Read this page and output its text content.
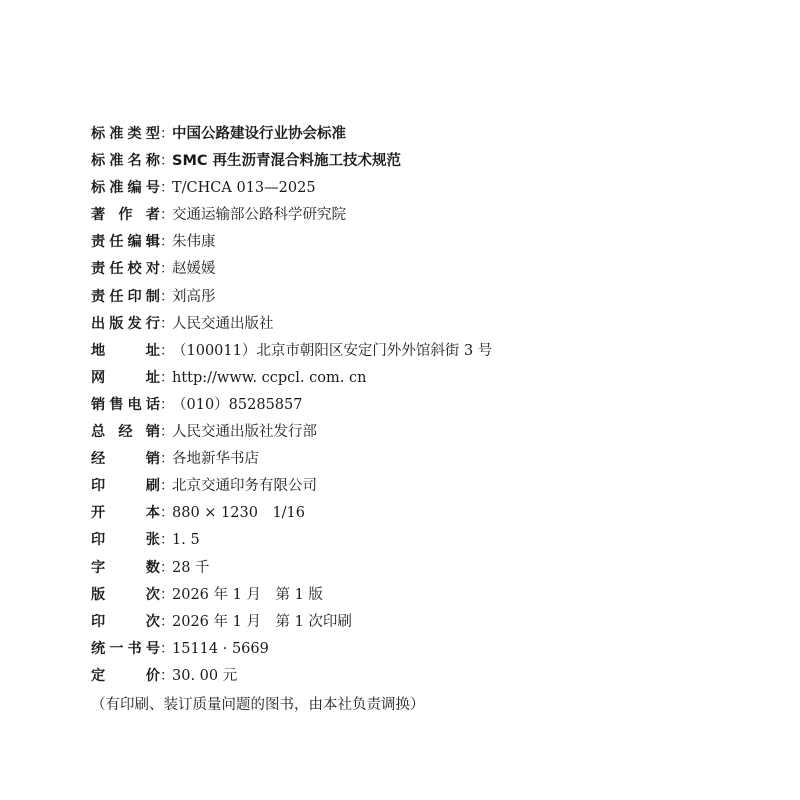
标准类型 ：
中国公路建设行业协会标准
标准名称 ：
SMC 再生沥青混合料施工技术规范
标准编号 ：
T/CHCA 013—2025
著 作 者 ：
交通运输部公路科学研究院
责任编辑 ：
朱伟康
责任校对 ：
赵媛媛
责任印制 ：
刘高彤
出版发行 ：
人民交通出版社
地 址 ：
（100011）北京市朝阳区安定门外外馆斜街 3 号
网 址 ：
http://www. ccpcl. com. cn
销售电话 ：
（010）85285857
总 经 销 ：
人民交通出版社发行部
经 销 ：
各地新华书店
印 刷 ：
北京交通印务有限公司
开 本 ：
880 × 1230　1/16
印 张 ：
1. 5
字 数 ：
28 千
版 次 ：
2026 年 1 月　第 1 版
印 次 ：
2026 年 1 月　第 1 次印刷
统一书号 ：
15114 · 5669
定 价 ：
30. 00 元
（有印刷、装订质量问题的图书，由本社负责调换）
